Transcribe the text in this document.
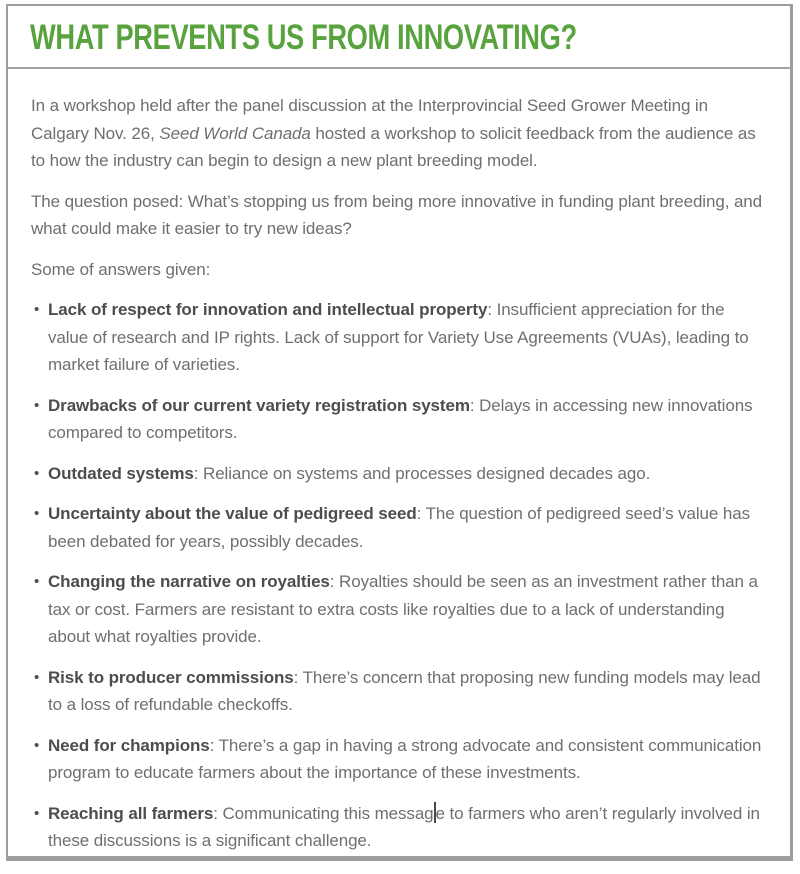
WHAT PREVENTS US FROM INNOVATING?

In a workshop held after the panel discussion at the Interprovincial Seed Grower Meeting in Calgary Nov. 26, Seed World Canada hosted a workshop to solicit feedback from the audience as to how the industry can begin to design a new plant breeding model.

The question posed: What’s stopping us from being more innovative in funding plant breeding, and what could make it easier to try new ideas?

Some of answers given:

• Lack of respect for innovation and intellectual property: Insufficient appreciation for the value of research and IP rights. Lack of support for Variety Use Agreements (VUAs), leading to market failure of varieties.
• Drawbacks of our current variety registration system: Delays in accessing new innovations compared to competitors.
• Outdated systems: Reliance on systems and processes designed decades ago.
• Uncertainty about the value of pedigreed seed: The question of pedigreed seed’s value has been debated for years, possibly decades.
• Changing the narrative on royalties: Royalties should be seen as an investment rather than a tax or cost. Farmers are resistant to extra costs like royalties due to a lack of understanding about what royalties provide.
• Risk to producer commissions: There’s concern that proposing new funding models may lead to a loss of refundable checkoffs.
• Need for champions: There’s a gap in having a strong advocate and consistent communication program to educate farmers about the importance of these investments.
• Reaching all farmers: Communicating this messag e to farmers who aren’t regularly involved in these discussions is a significant challenge.
